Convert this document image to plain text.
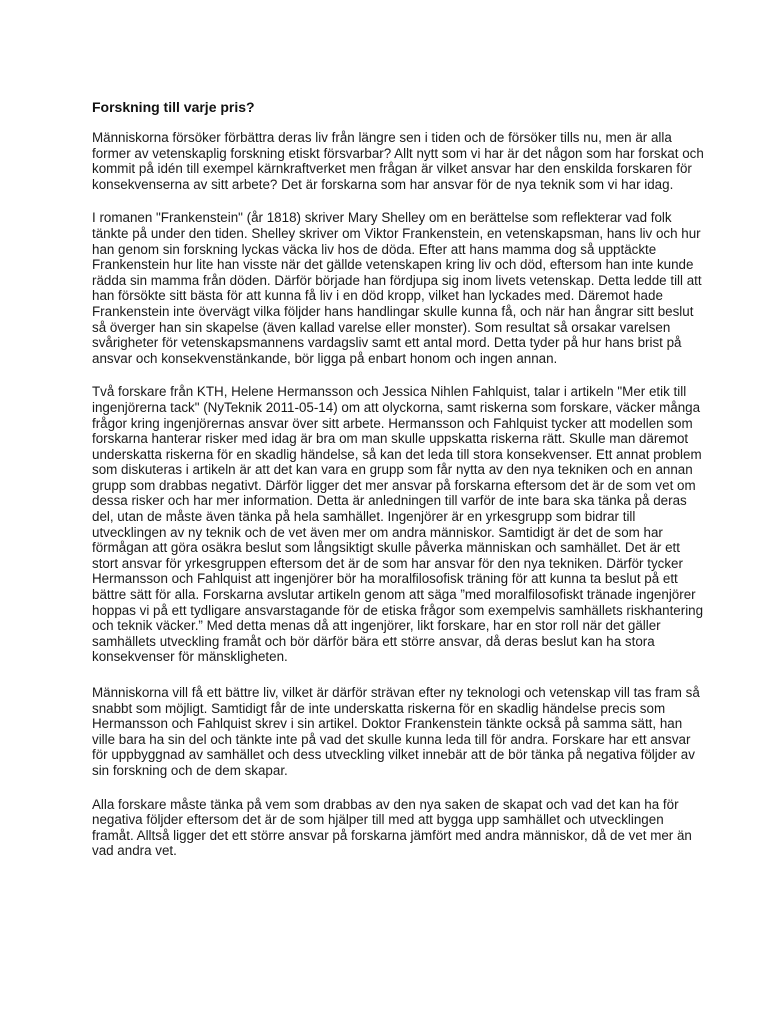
Forskning till varje pris?

Människorna försöker förbättra deras liv från längre sen i tiden och de försöker tills nu, men är alla former av vetenskaplig forskning etiskt försvarbar? Allt nytt som vi har är det någon som har forskat och kommit på idén till exempel kärnkraftverket men frågan är vilket ansvar har den enskilda forskaren för konsekvenserna av sitt arbete? Det är forskarna som har ansvar för de nya teknik som vi har idag.

I romanen "Frankenstein" (år 1818) skriver Mary Shelley om en berättelse som reflekterar vad folk tänkte på under den tiden. Shelley skriver om Viktor Frankenstein, en vetenskapsman, hans liv och hur han genom sin forskning lyckas väcka liv hos de döda. Efter att hans mamma dog så upptäckte Frankenstein hur lite han visste när det gällde vetenskapen kring liv och död, eftersom han inte kunde rädda sin mamma från döden. Därför började han fördjupa sig inom livets vetenskap. Detta ledde till att han försökte sitt bästa för att kunna få liv i en död kropp, vilket han lyckades med. Däremot hade Frankenstein inte övervägt vilka följder hans handlingar skulle kunna få, och när han ångrar sitt beslut så överger han sin skapelse (även kallad varelse eller monster). Som resultat så orsakar varelsen svårigheter för vetenskapsmannens vardagsliv samt ett antal mord. Detta tyder på hur hans brist på ansvar och konsekvenstänkande, bör ligga på enbart honom och ingen annan.

Två forskare från KTH, Helene Hermansson och Jessica Nihlen Fahlquist, talar i artikeln "Mer etik till ingenjörerna tack" (NyTeknik 2011-05-14) om att olyckorna, samt riskerna som forskare, väcker många frågor kring ingenjörernas ansvar över sitt arbete. Hermansson och Fahlquist tycker att modellen som forskarna hanterar risker med idag är bra om man skulle uppskatta riskerna rätt. Skulle man däremot underskatta riskerna för en skadlig händelse, så kan det leda till stora konsekvenser. Ett annat problem som diskuteras i artikeln är att det kan vara en grupp som får nytta av den nya tekniken och en annan grupp som drabbas negativt. Därför ligger det mer ansvar på forskarna eftersom det är de som vet om dessa risker och har mer information. Detta är anledningen till varför de inte bara ska tänka på deras del, utan de måste även tänka på hela samhället. Ingenjörer är en yrkesgrupp som bidrar till utvecklingen av ny teknik och de vet även mer om andra människor. Samtidigt är det de som har förmågan att göra osäkra beslut som långsiktigt skulle påverka människan och samhället. Det är ett stort ansvar för yrkesgruppen eftersom det är de som har ansvar för den nya tekniken. Därför tycker Hermansson och Fahlquist att ingenjörer bör ha moralfilosofisk träning för att kunna ta beslut på ett bättre sätt för alla. Forskarna avslutar artikeln genom att säga ”med moralfilosofiskt tränade ingenjörer hoppas vi på ett tydligare ansvarstagande för de etiska frågor som exempelvis samhällets riskhantering och teknik väcker.” Med detta menas då att ingenjörer, likt forskare, har en stor roll när det gäller samhällets utveckling framåt och bör därför bära ett större ansvar, då deras beslut kan ha stora konsekvenser för mänskligheten.

Människorna vill få ett bättre liv, vilket är därför strävan efter ny teknologi och vetenskap vill tas fram så snabbt som möjligt. Samtidigt får de inte underskatta riskerna för en skadlig händelse precis som Hermansson och Fahlquist skrev i sin artikel. Doktor Frankenstein tänkte också på samma sätt, han ville bara ha sin del och tänkte inte på vad det skulle kunna leda till för andra. Forskare har ett ansvar för uppbyggnad av samhället och dess utveckling vilket innebär att de bör tänka på negativa följder av sin forskning och de dem skapar.

Alla forskare måste tänka på vem som drabbas av den nya saken de skapat och vad det kan ha för negativa följder eftersom det är de som hjälper till med att bygga upp samhället och utvecklingen framåt. Alltså ligger det ett större ansvar på forskarna jämfört med andra människor, då de vet mer än vad andra vet.
